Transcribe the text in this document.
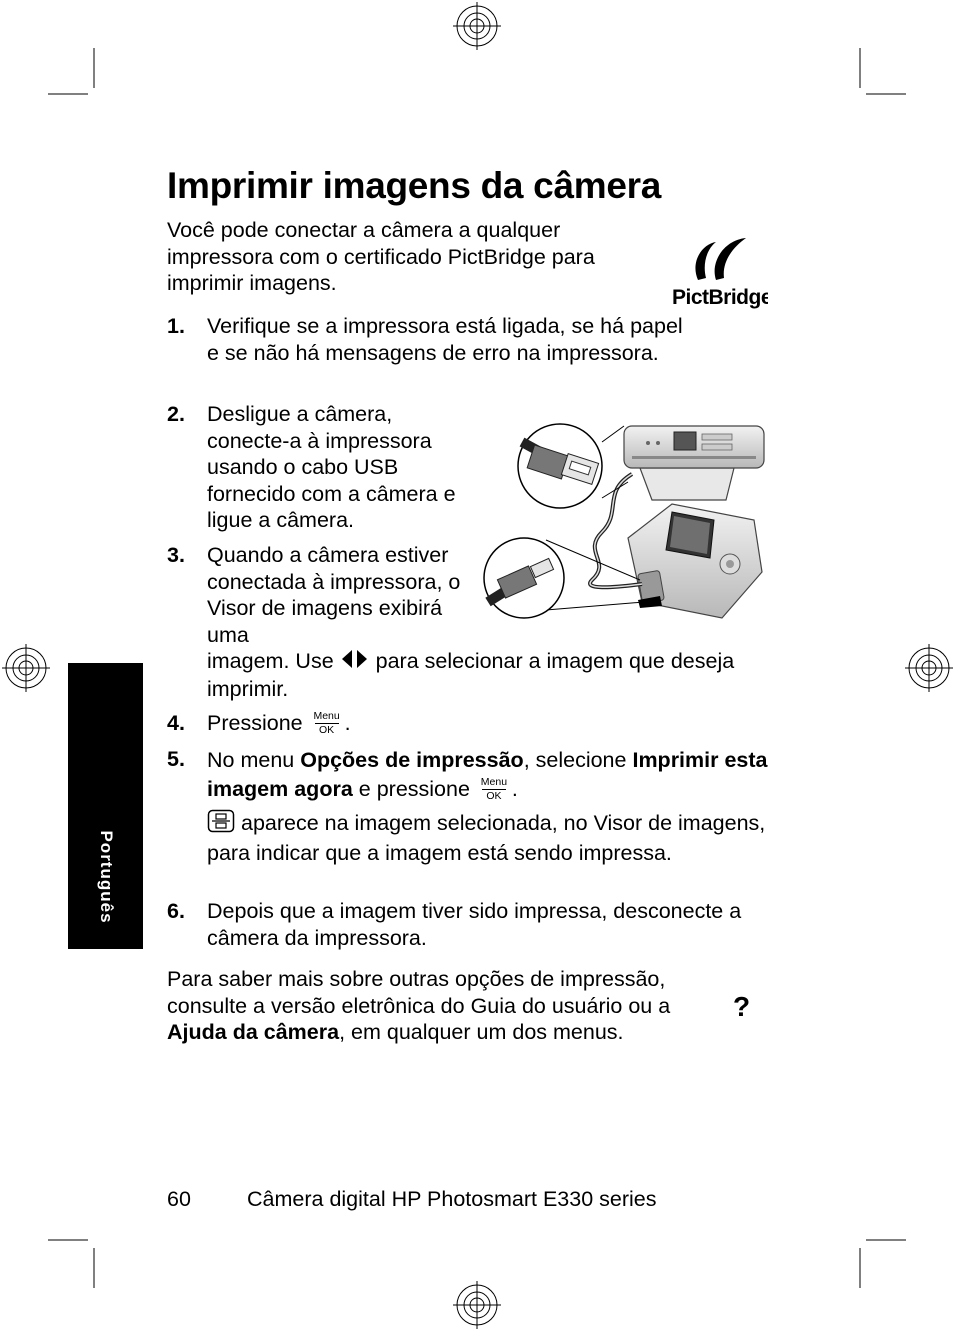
Imprimir imagens da câmera
Você pode conectar a câmera a qualquer impressora com o certificado PictBridge para imprimir imagens.
PictBridge
1. Verifique se a impressora está ligada, se há papel e se não há mensagens de erro na impressora.
2. Desligue a câmera, conecte-a à impressora usando o cabo USB fornecido com a câmera e ligue a câmera.
3. Quando a câmera estiver conectada à impressora, o Visor de imagens exibirá uma
imagem. Use para selecionar a imagem que deseja imprimir.
4. Pressione Menu
OK .
5. No menu Opções de impressão, selecione Imprimir esta imagem agora e pressione Menu
OK .
aparece na imagem selecionada, no Visor de imagens, para indicar que a imagem está sendo impressa.
6. Depois que a imagem tiver sido impressa, desconecte a câmera da impressora.
Para saber mais sobre outras opções de impressão, consulte a versão eletrônica do Guia do usuário ou a Ajuda da câmera, em qualquer um dos menus.
?
Português
60	Câmera digital HP Photosmart E330 series
